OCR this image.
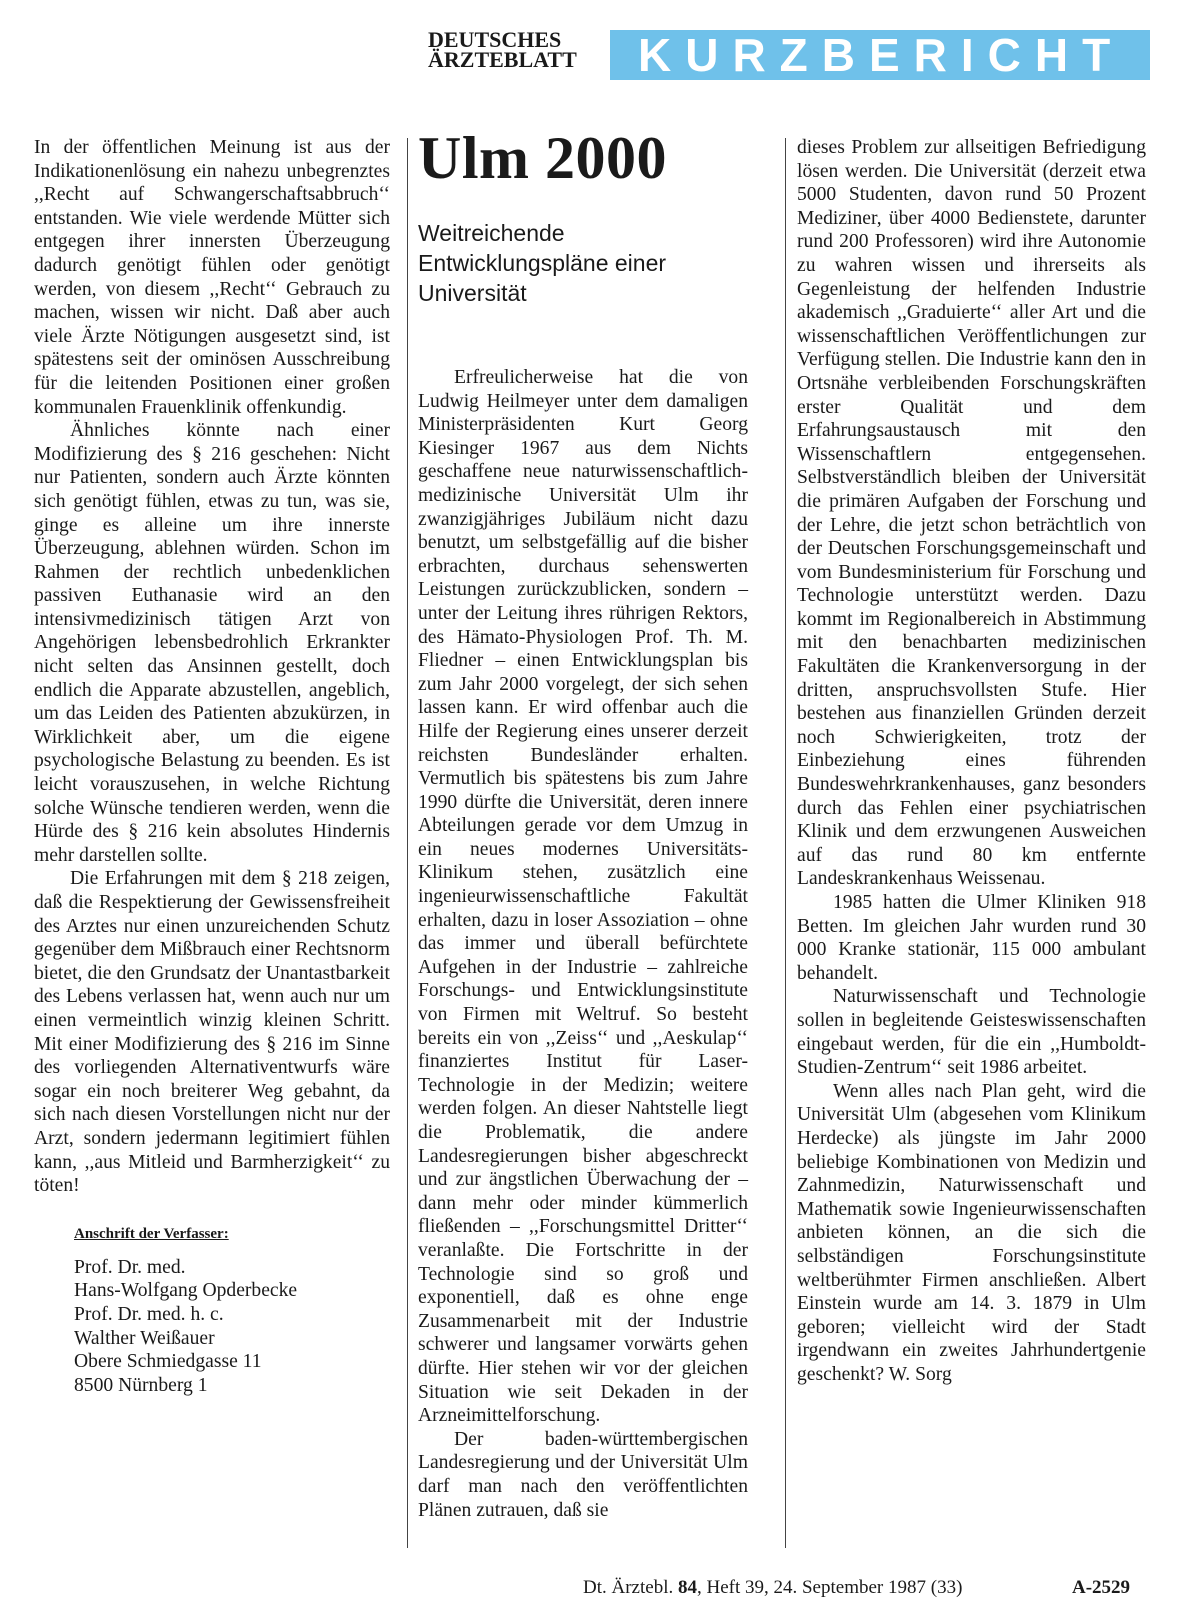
DEUTSCHES
ÄRZTEBLATT	KURZBERICHT

In der öffentlichen Meinung ist aus der Indikationenlösung ein nahezu unbegrenztes ,,Recht auf Schwangerschaftsabbruch‘‘ entstanden. Wie viele werdende Mütter sich entgegen ihrer innersten Überzeugung dadurch genötigt fühlen oder genötigt werden, von diesem ,,Recht‘‘ Gebrauch zu machen, wissen wir nicht. Daß aber auch viele Ärzte Nötigungen ausgesetzt sind, ist spätestens seit der ominösen Ausschreibung für die leitenden Positionen einer großen kommunalen Frauenklinik offenkundig.

Ähnliches könnte nach einer Modifizierung des § 216 geschehen: Nicht nur Patienten, sondern auch Ärzte könnten sich genötigt fühlen, etwas zu tun, was sie, ginge es alleine um ihre innerste Überzeugung, ablehnen würden. Schon im Rahmen der rechtlich unbedenklichen passiven Euthanasie wird an den intensivmedizinisch tätigen Arzt von Angehörigen lebensbedrohlich Erkrankter nicht selten das Ansinnen gestellt, doch endlich die Apparate abzustellen, angeblich, um das Leiden des Patienten abzukürzen, in Wirklichkeit aber, um die eigene psychologische Belastung zu beenden. Es ist leicht vorauszusehen, in welche Richtung solche Wünsche tendieren werden, wenn die Hürde des § 216 kein absolutes Hindernis mehr darstellen sollte.

Die Erfahrungen mit dem § 218 zeigen, daß die Respektierung der Gewissensfreiheit des Arztes nur einen unzureichenden Schutz gegenüber dem Mißbrauch einer Rechtsnorm bietet, die den Grundsatz der Unantastbarkeit des Lebens verlassen hat, wenn auch nur um einen vermeintlich winzig kleinen Schritt. Mit einer Modifizierung des § 216 im Sinne des vorliegenden Alternativentwurfs wäre sogar ein noch breiterer Weg gebahnt, da sich nach diesen Vorstellungen nicht nur der Arzt, sondern jedermann legitimiert fühlen kann, ,,aus Mitleid und Barmherzigkeit‘‘ zu töten!

Anschrift der Verfasser:
Prof. Dr. med.
Hans-Wolfgang Opderbecke
Prof. Dr. med. h. c.
Walther Weißauer
Obere Schmiedgasse 11
8500 Nürnberg 1
Ulm 2000
Weitreichende Entwicklungspläne einer Universität

Erfreulicherweise hat die von Ludwig Heilmeyer unter dem damaligen Ministerpräsidenten Kurt Georg Kiesinger 1967 aus dem Nichts geschaffene neue naturwissenschaftlich-medizinische Universität Ulm ihr zwanzigjähriges Jubiläum nicht dazu benutzt, um selbstgefällig auf die bisher erbrachten, durchaus sehenswerten Leistungen zurückzublicken, sondern – unter der Leitung ihres rührigen Rektors, des Hämato-Physiologen Prof. Th. M. Fliedner – einen Entwicklungsplan bis zum Jahr 2000 vorgelegt, der sich sehen lassen kann. Er wird offenbar auch die Hilfe der Regierung eines unserer derzeit reichsten Bundesländer erhalten. Vermutlich bis spätestens bis zum Jahre 1990 dürfte die Universität, deren innere Abteilungen gerade vor dem Umzug in ein neues modernes Universitäts-Klinikum stehen, zusätzlich eine ingenieurwissenschaftliche Fakultät erhalten, dazu in loser Assoziation – ohne das immer und überall befürchtete Aufgehen in der Industrie – zahlreiche Forschungs- und Entwicklungsinstitute von Firmen mit Weltruf. So besteht bereits ein von ,,Zeiss‘‘ und ,,Aeskulap‘‘ finanziertes Institut für Laser-Technologie in der Medizin; weitere werden folgen. An dieser Nahtstelle liegt die Problematik, die andere Landesregierungen bisher abgeschreckt und zur ängstlichen Überwachung der – dann mehr oder minder kümmerlich fließenden – ,,Forschungsmittel Dritter‘‘ veranlaßte. Die Fortschritte in der Technologie sind so groß und exponentiell, daß es ohne enge Zusammenarbeit mit der Industrie schwerer und langsamer vorwärts gehen dürfte. Hier stehen wir vor der gleichen Situation wie seit Dekaden in der Arzneimittelforschung.

Der baden-württembergischen Landesregierung und der Universität Ulm darf man nach den veröffentlichten Plänen zutrauen, daß sie

dieses Problem zur allseitigen Befriedigung lösen werden. Die Universität (derzeit etwa 5000 Studenten, davon rund 50 Prozent Mediziner, über 4000 Bedienstete, darunter rund 200 Professoren) wird ihre Autonomie zu wahren wissen und ihrerseits als Gegenleistung der helfenden Industrie akademisch ,,Graduierte‘‘ aller Art und die wissenschaftlichen Veröffentlichungen zur Verfügung stellen. Die Industrie kann den in Ortsnähe verbleibenden Forschungskräften erster Qualität und dem Erfahrungsaustausch mit den Wissenschaftlern entgegensehen. Selbstverständlich bleiben der Universität die primären Aufgaben der Forschung und der Lehre, die jetzt schon beträchtlich von der Deutschen Forschungsgemeinschaft und vom Bundesministerium für Forschung und Technologie unterstützt werden. Dazu kommt im Regionalbereich in Abstimmung mit den benachbarten medizinischen Fakultäten die Krankenversorgung in der dritten, anspruchsvollsten Stufe. Hier bestehen aus finanziellen Gründen derzeit noch Schwierigkeiten, trotz der Einbeziehung eines führenden Bundeswehrkrankenhauses, ganz besonders durch das Fehlen einer psychiatrischen Klinik und dem erzwungenen Ausweichen auf das rund 80 km entfernte Landeskrankenhaus Weissenau.

1985 hatten die Ulmer Kliniken 918 Betten. Im gleichen Jahr wurden rund 30 000 Kranke stationär, 115 000 ambulant behandelt.

Naturwissenschaft und Technologie sollen in begleitende Geisteswissenschaften eingebaut werden, für die ein ,,Humboldt-Studien-Zentrum‘‘ seit 1986 arbeitet.

Wenn alles nach Plan geht, wird die Universität Ulm (abgesehen vom Klinikum Herdecke) als jüngste im Jahr 2000 beliebige Kombinationen von Medizin und Zahnmedizin, Naturwissenschaft und Mathematik sowie Ingenieurwissenschaften anbieten können, an die sich die selbständigen Forschungsinstitute weltberühmter Firmen anschließen. Albert Einstein wurde am 14. 3. 1879 in Ulm geboren; vielleicht wird der Stadt irgendwann ein zweites Jahrhundertgenie geschenkt? W. Sorg

Dt. Ärztebl. 84, Heft 39, 24. September 1987 (33)	A-2529
